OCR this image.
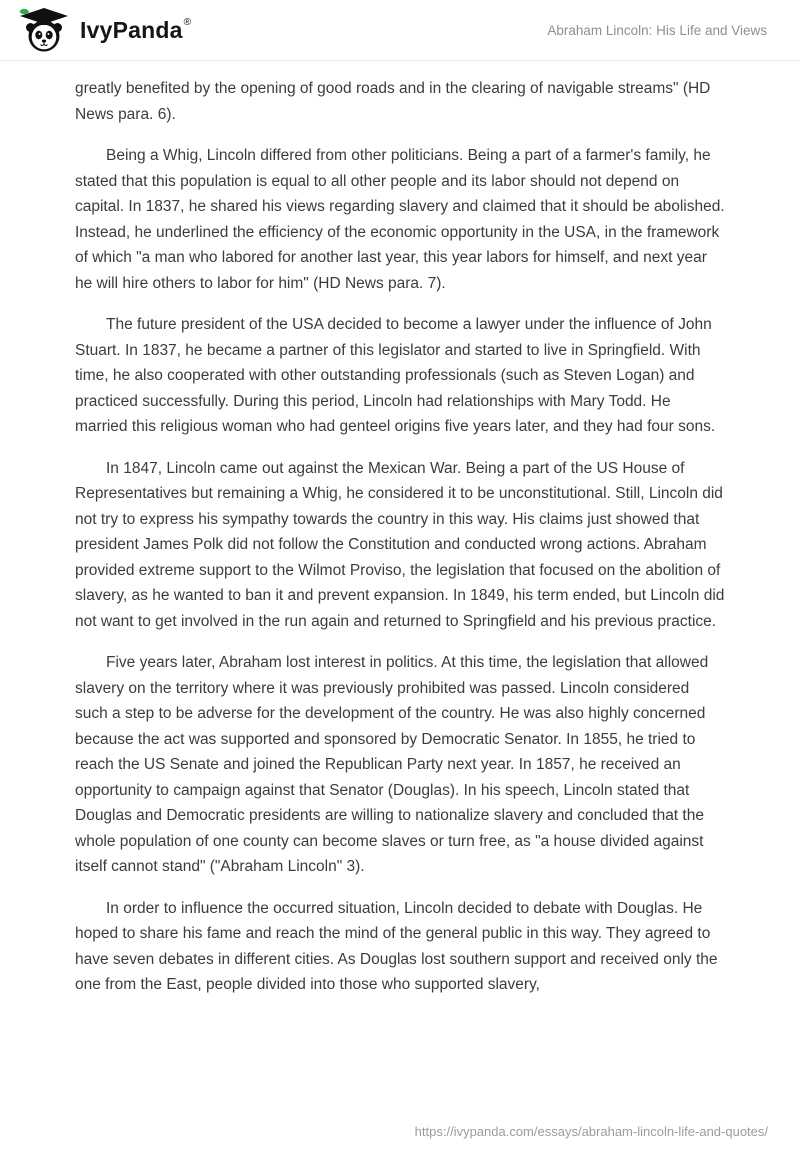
IvyPanda ®
Abraham Lincoln: His Life and Views

greatly benefited by the opening of good roads and in the clearing of navigable streams" (HD News para. 6).

Being a Whig, Lincoln differed from other politicians. Being a part of a farmer's family, he stated that this population is equal to all other people and its labor should not depend on capital. In 1837, he shared his views regarding slavery and claimed that it should be abolished. Instead, he underlined the efficiency of the economic opportunity in the USA, in the framework of which "a man who labored for another last year, this year labors for himself, and next year he will hire others to labor for him" (HD News para. 7).

The future president of the USA decided to become a lawyer under the influence of John Stuart. In 1837, he became a partner of this legislator and started to live in Springfield. With time, he also cooperated with other outstanding professionals (such as Steven Logan) and practiced successfully. During this period, Lincoln had relationships with Mary Todd. He married this religious woman who had genteel origins five years later, and they had four sons.

In 1847, Lincoln came out against the Mexican War. Being a part of the US House of Representatives but remaining a Whig, he considered it to be unconstitutional. Still, Lincoln did not try to express his sympathy towards the country in this way. His claims just showed that president James Polk did not follow the Constitution and conducted wrong actions. Abraham provided extreme support to the Wilmot Proviso, the legislation that focused on the abolition of slavery, as he wanted to ban it and prevent expansion. In 1849, his term ended, but Lincoln did not want to get involved in the run again and returned to Springfield and his previous practice.

Five years later, Abraham lost interest in politics. At this time, the legislation that allowed slavery on the territory where it was previously prohibited was passed. Lincoln considered such a step to be adverse for the development of the country. He was also highly concerned because the act was supported and sponsored by Democratic Senator. In 1855, he tried to reach the US Senate and joined the Republican Party next year. In 1857, he received an opportunity to campaign against that Senator (Douglas). In his speech, Lincoln stated that Douglas and Democratic presidents are willing to nationalize slavery and concluded that the whole population of one county can become slaves or turn free, as "a house divided against itself cannot stand" ("Abraham Lincoln" 3).

In order to influence the occurred situation, Lincoln decided to debate with Douglas. He hoped to share his fame and reach the mind of the general public in this way. They agreed to have seven debates in different cities. As Douglas lost southern support and received only the one from the East, people divided into those who supported slavery,

https://ivypanda.com/essays/abraham-lincoln-life-and-quotes/
